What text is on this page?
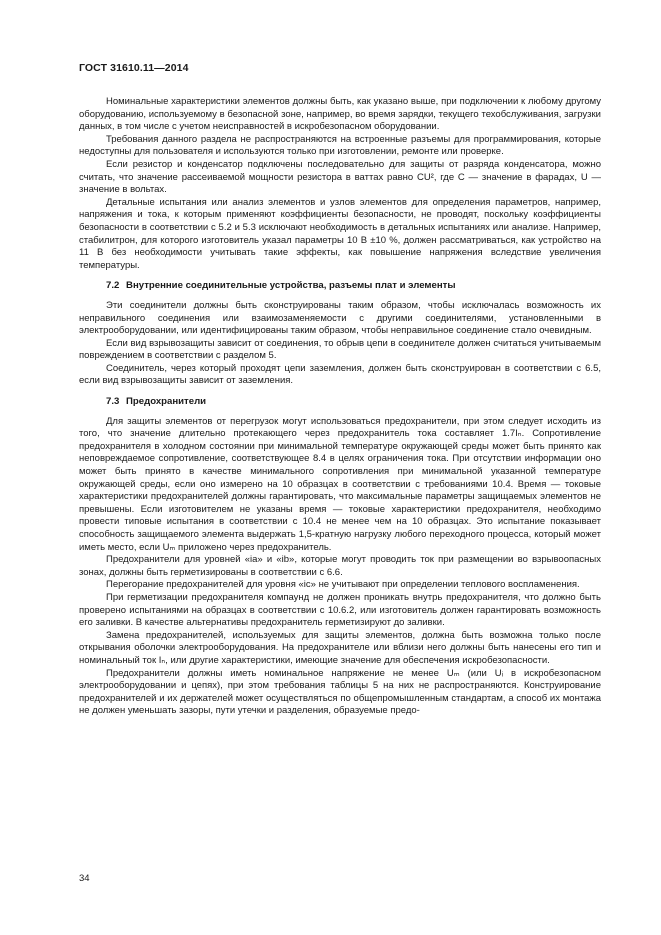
ГОСТ 31610.11—2014

Номинальные характеристики элементов должны быть, как указано выше, при подключении к любому другому оборудованию, используемому в безопасной зоне, например, во время зарядки, текущего техобслуживания, загрузки данных, в том числе с учетом неисправностей в искробезопасном оборудовании.

Требования данного раздела не распространяются на встроенные разъемы для программирования, которые недоступны для пользователя и используются только при изготовлении, ремонте или проверке.

Если резистор и конденсатор подключены последовательно для защиты от разряда конденсатора, можно считать, что значение рассеиваемой мощности резистора в ваттах равно CU², где C — значение в фарадах, U — значение в вольтах.

Детальные испытания или анализ элементов и узлов элементов для определения параметров, например, напряжения и тока, к которым применяют коэффициенты безопасности, не проводят, поскольку коэффициенты безопасности в соответствии с 5.2 и 5.3 исключают необходимость в детальных испытаниях или анализе. Например, стабилитрон, для которого изготовитель указал параметры 10 В ±10 %, должен рассматриваться, как устройство на 11 В без необходимости учитывать такие эффекты, как повышение напряжения вследствие увеличения температуры.

7.2 Внутренние соединительные устройства, разъемы плат и элементы

Эти соединители должны быть сконструированы таким образом, чтобы исключалась возможность их неправильного соединения или взаимозаменяемости с другими соединителями, установленными в электрооборудовании, или идентифицированы таким образом, чтобы неправильное соединение стало очевидным.

Если вид взрывозащиты зависит от соединения, то обрыв цепи в соединителе должен считаться учитываемым повреждением в соответствии с разделом 5.

Соединитель, через который проходят цепи заземления, должен быть сконструирован в соответствии с 6.5, если вид взрывозащиты зависит от заземления.

7.3 Предохранители

Для защиты элементов от перегрузок могут использоваться предохранители, при этом следует исходить из того, что значение длительно протекающего через предохранитель тока составляет 1.7Iₙ. Сопротивление предохранителя в холодном состоянии при минимальной температуре окружающей среды может быть принято как неповреждаемое сопротивление, соответствующее 8.4 в целях ограничения тока. При отсутствии информации оно может быть принято в качестве минимального сопротивления при минимальной указанной температуре окружающей среды, если оно измерено на 10 образцах в соответствии с требованиями 10.4. Время — токовые характеристики предохранителей должны гарантировать, что максимальные параметры защищаемых элементов не превышены. Если изготовителем не указаны время — токовые характеристики предохранителя, необходимо провести типовые испытания в соответствии с 10.4 не менее чем на 10 образцах. Это испытание показывает способность защищаемого элемента выдержать 1,5-кратную нагрузку любого переходного процесса, который может иметь место, если Uₘ приложено через предохранитель.

Предохранители для уровней «ia» и «ib», которые могут проводить ток при размещении во взрывоопасных зонах, должны быть герметизированы в соответствии с 6.6.

Перегорание предохранителей для уровня «ic» не учитывают при определении теплового воспламенения.

При герметизации предохранителя компаунд не должен проникать внутрь предохранителя, что должно быть проверено испытаниями на образцах в соответствии с 10.6.2, или изготовитель должен гарантировать возможность его заливки. В качестве альтернативы предохранитель герметизируют до заливки.

Замена предохранителей, используемых для защиты элементов, должна быть возможна только после открывания оболочки электрооборудования. На предохранителе или вблизи него должны быть нанесены его тип и номинальный ток Iₙ, или другие характеристики, имеющие значение для обеспечения искробезопасности.

Предохранители должны иметь номинальное напряжение не менее Uₘ (или Uᵢ в искробезопасном электрооборудовании и цепях), при этом требования таблицы 5 на них не распространяются. Конструирование предохранителей и их держателей может осуществляться по общепромышленным стандартам, а способ их монтажа не должен уменьшать зазоры, пути утечки и разделения, образуемые предо-

34
